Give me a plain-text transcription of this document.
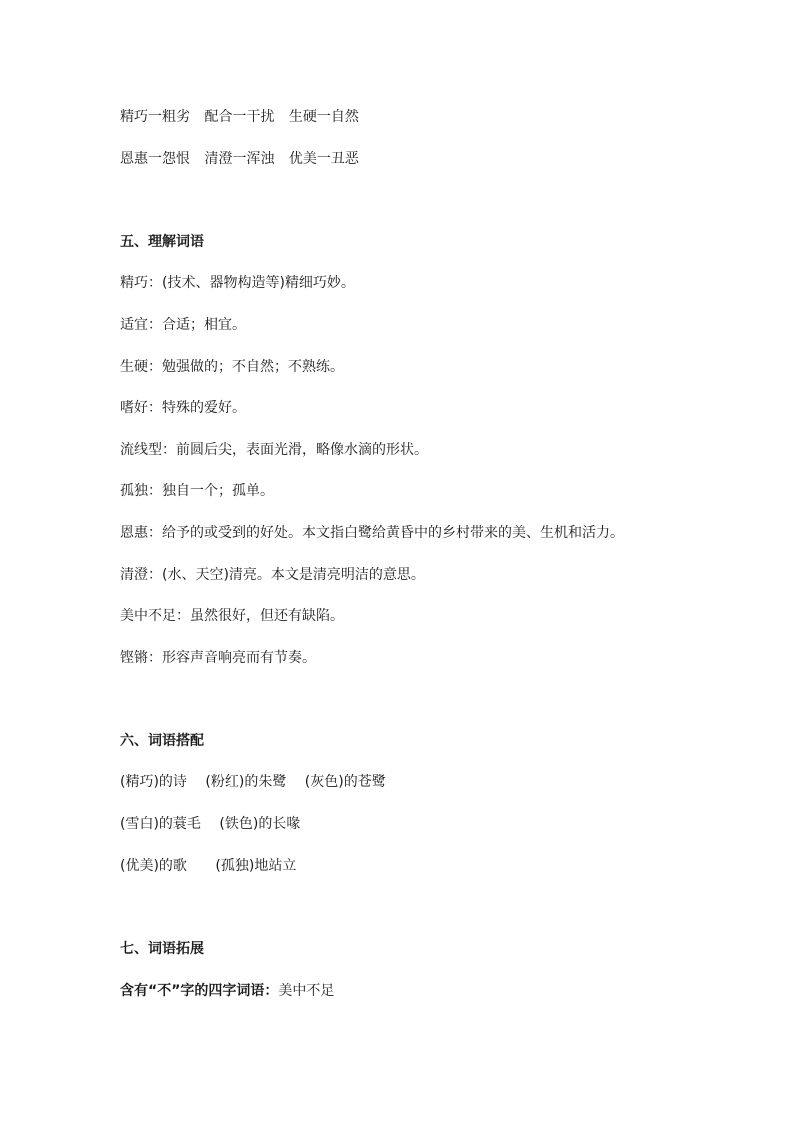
精巧一粗劣 配合一干扰 生硬一自然
恩惠一怨恨 清澄一浑浊 优美一丑恶
五、理解词语
精巧：(技术、器物构造等)精细巧妙。
适宜：合适；相宜。
生硬：勉强做的；不自然；不熟练。
嗜好：特殊的爱好。
流线型：前圆后尖，表面光滑，略像水滴的形状。
孤独：独自一个；孤单。
恩惠：给予的或受到的好处。本文指白鹭给黄昏中的乡村带来的美、生机和活力。
清澄：(水、天空)清亮。本文是清亮明洁的意思。
美中不足：虽然很好，但还有缺陷。
铿锵：形容声音响亮而有节奏。
六、词语搭配
(精巧)的诗 (粉红)的朱鹭 (灰色)的苍鹭
(雪白)的蓑毛 (铁色)的长喙
(优美)的歌 (孤独)地站立
七、词语拓展
含有“不”字的四字词语：美中不足
